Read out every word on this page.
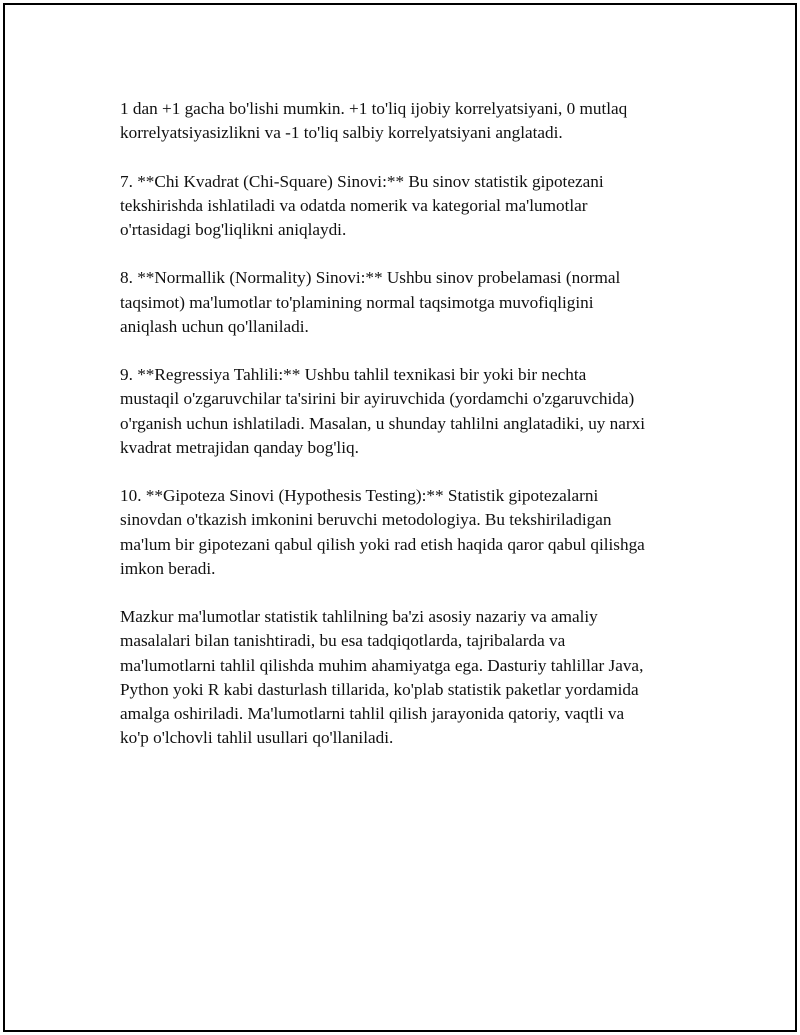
1 dan +1 gacha bo'lishi mumkin. +1 to'liq ijobiy korrelyatsiyani, 0 mutlaq
korrelyatsiyasizlikni va -1 to'liq salbiy korrelyatsiyani anglatadi.

7. **Chi Kvadrat (Chi-Square) Sinovi:** Bu sinov statistik gipotezani
tekshirishda ishlatiladi va odatda nomerik va kategorial ma'lumotlar
o'rtasidagi bog'liqlikni aniqlaydi.

8. **Normallik (Normality) Sinovi:** Ushbu sinov probelamasi (normal
taqsimot) ma'lumotlar to'plamining normal taqsimotga muvofiqligini
aniqlash uchun qo'llaniladi.

9. **Regressiya Tahlili:** Ushbu tahlil texnikasi bir yoki bir nechta
mustaqil o'zgaruvchilar ta'sirini bir ayiruvchida (yordamchi o'zgaruvchida)
o'rganish uchun ishlatiladi. Masalan, u shunday tahlilni anglatadiki, uy narxi
kvadrat metrajidan qanday bog'liq.

10. **Gipoteza Sinovi (Hypothesis Testing):** Statistik gipotezalarni
sinovdan o'tkazish imkonini beruvchi metodologiya. Bu tekshiriladigan
ma'lum bir gipotezani qabul qilish yoki rad etish haqida qaror qabul qilishga
imkon beradi.

Mazkur ma'lumotlar statistik tahlilning ba'zi asosiy nazariy va amaliy
masalalari bilan tanishtiradi, bu esa tadqiqotlarda, tajribalarda va
ma'lumotlarni tahlil qilishda muhim ahamiyatga ega. Dasturiy tahlillar Java,
Python yoki R kabi dasturlash tillarida, ko'plab statistik paketlar yordamida
amalga oshiriladi. Ma'lumotlarni tahlil qilish jarayonida qatoriy, vaqtli va
ko'p o'lchovli tahlil usullari qo'llaniladi.
